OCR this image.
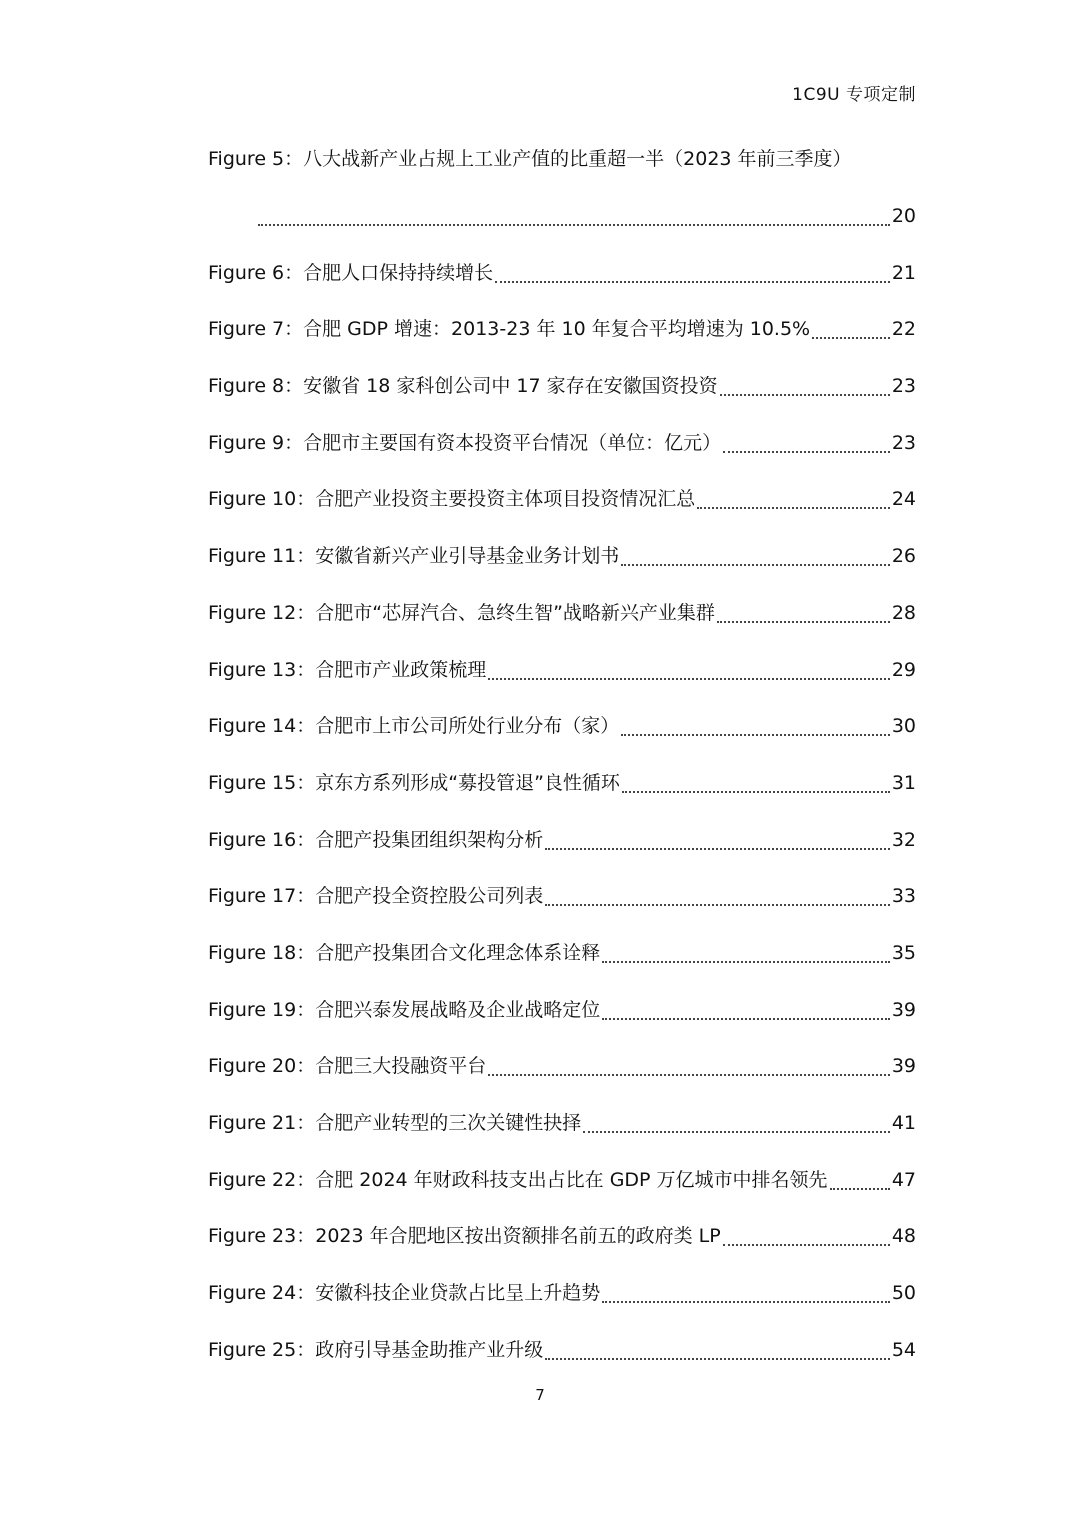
1C9U 专项定制
Figure 5：八大战新产业占规上工业产值的比重超一半（2023 年前三季度）
20
Figure 6：合肥人口保持持续增长	21
Figure 7：合肥 GDP 增速：2013-23 年 10 年复合平均增速为 10.5%	22
Figure 8：安徽省 18 家科创公司中 17 家存在安徽国资投资	23
Figure 9：合肥市主要国有资本投资平台情况（单位：亿元）	23
Figure 10：合肥产业投资主要投资主体项目投资情况汇总	24
Figure 11：安徽省新兴产业引导基金业务计划书	26
Figure 12：合肥市“芯屏汽合、急终生智”战略新兴产业集群	28
Figure 13：合肥市产业政策梳理	29
Figure 14：合肥市上市公司所处行业分布（家）	30
Figure 15：京东方系列形成“募投管退”良性循环	31
Figure 16：合肥产投集团组织架构分析	32
Figure 17：合肥产投全资控股公司列表	33
Figure 18：合肥产投集团合文化理念体系诠释	35
Figure 19：合肥兴泰发展战略及企业战略定位	39
Figure 20：合肥三大投融资平台	39
Figure 21：合肥产业转型的三次关键性抉择	41
Figure 22：合肥 2024 年财政科技支出占比在 GDP 万亿城市中排名领先	47
Figure 23：2023 年合肥地区按出资额排名前五的政府类 LP	48
Figure 24：安徽科技企业贷款占比呈上升趋势	50
Figure 25：政府引导基金助推产业升级	54
7
